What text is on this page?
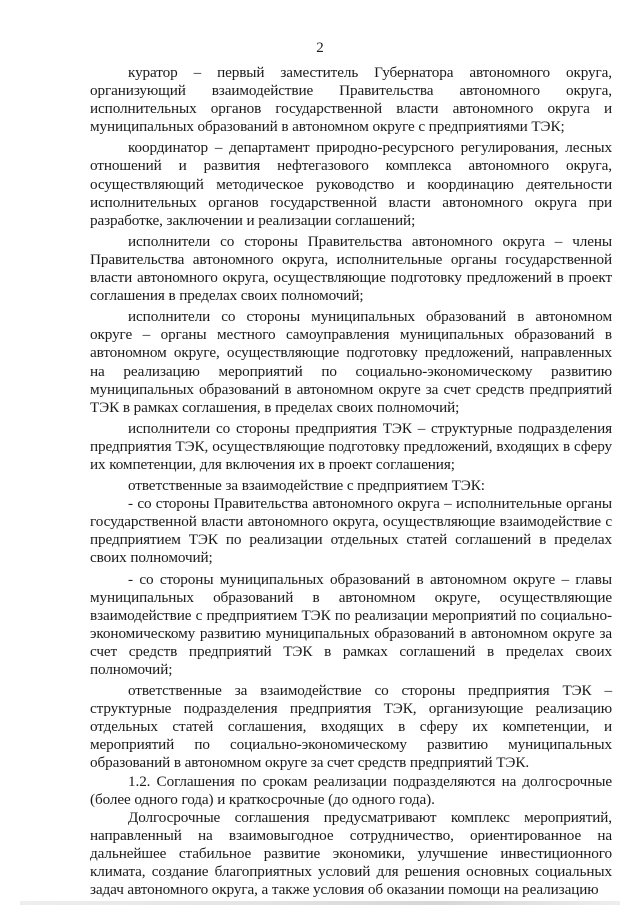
2

куратор – первый заместитель Губернатора автономного округа, организующий взаимодействие Правительства автономного округа, исполнительных органов государственной власти автономного округа и муниципальных образований в автономном округе с предприятиями ТЭК;

координатор – департамент природно-ресурсного регулирования, лесных отношений и развития нефтегазового комплекса автономного округа, осуществляющий методическое руководство и координацию деятельности исполнительных органов государственной власти автономного округа при разработке, заключении и реализации соглашений;

исполнители со стороны Правительства автономного округа – члены Правительства автономного округа, исполнительные органы государственной власти автономного округа, осуществляющие подготовку предложений в проект соглашения в пределах своих полномочий;

исполнители со стороны муниципальных образований в автономном округе – органы местного самоуправления муниципальных образований в автономном округе, осуществляющие подготовку предложений, направленных на реализацию мероприятий по социально-экономическому развитию муниципальных образований в автономном округе за счет средств предприятий ТЭК в рамках соглашения, в пределах своих полномочий;

исполнители со стороны предприятия ТЭК – структурные подразделения предприятия ТЭК, осуществляющие подготовку предложений, входящих в сферу их компетенции, для включения их в проект соглашения;

ответственные за взаимодействие с предприятием ТЭК:

- со стороны Правительства автономного округа – исполнительные органы государственной власти автономного округа, осуществляющие взаимодействие с предприятием ТЭК по реализации отдельных статей соглашений в пределах своих полномочий;

- со стороны муниципальных образований в автономном округе – главы муниципальных образований в автономном округе, осуществляющие взаимодействие с предприятием ТЭК по реализации мероприятий по социально-экономическому развитию муниципальных образований в автономном округе за счет средств предприятий ТЭК в рамках соглашений в пределах своих полномочий;

ответственные за взаимодействие со стороны предприятия ТЭК – структурные подразделения предприятия ТЭК, организующие реализацию отдельных статей соглашения, входящих в сферу их компетенции, и мероприятий по социально-экономическому развитию муниципальных образований в автономном округе за счет средств предприятий ТЭК.

1.2. Соглашения по срокам реализации подразделяются на долгосрочные (более одного года) и краткосрочные (до одного года).

Долгосрочные соглашения предусматривают комплекс мероприятий, направленный на взаимовыгодное сотрудничество, ориентированное на дальнейшее стабильное развитие экономики, улучшение инвестиционного климата, создание благоприятных условий для решения основных социальных задач автономного округа, а также условия об оказании помощи на реализацию
